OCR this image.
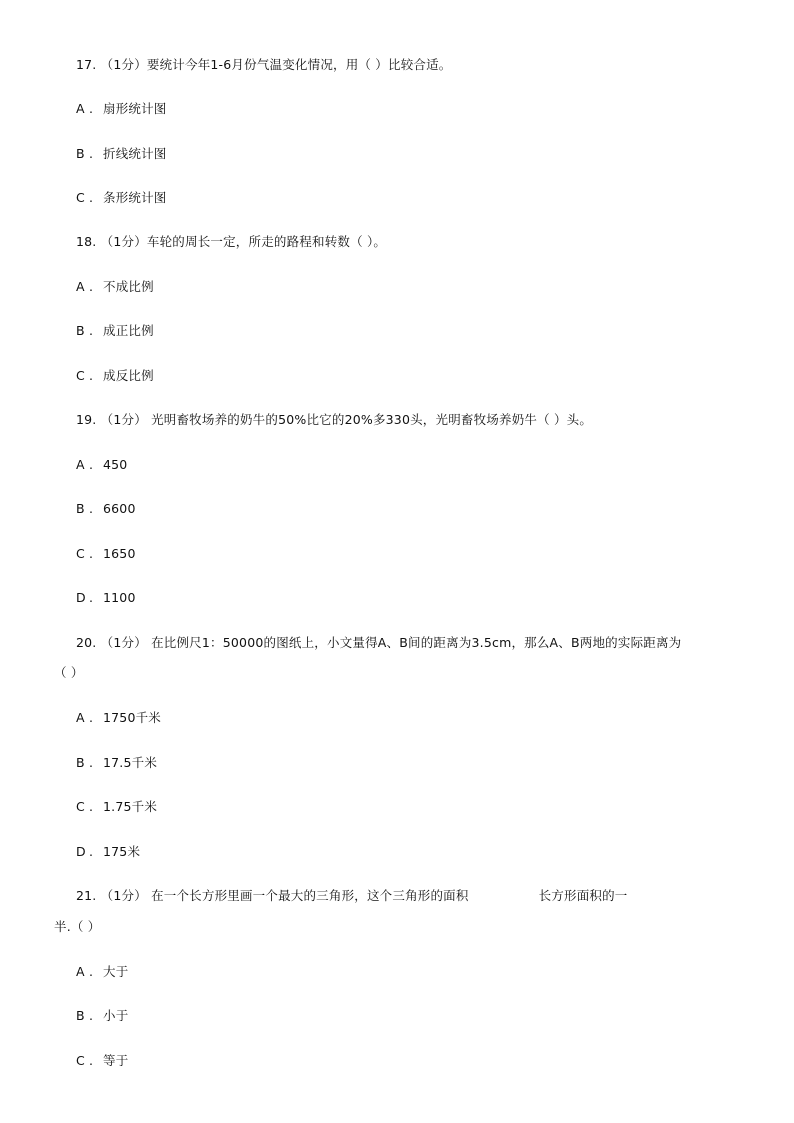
17. （1分）要统计今年1-6月份气温变化情况，用（ ）比较合适。
A . 扇形统计图
B . 折线统计图
C . 条形统计图
18. （1分）车轮的周长一定，所走的路程和转数（ ）。
A . 不成比例
B . 成正比例
C . 成反比例
19. （1分） 光明畜牧场养的奶牛的50%比它的20%多330头，光明畜牧场养奶牛（ ）头。
A . 450
B . 6600
C . 1650
D . 1100
20. （1分） 在比例尺1：50000的图纸上，小文量得A、B间的距离为3.5cm，那么A、B两地的实际距离为
（ ）
A . 1750千米
B . 17.5千米
C . 1.75千米
D . 175米
21. （1分） 在一个长方形里画一个最大的三角形，这个三角形的面积	长方形面积的一
半.（ ）
A . 大于
B . 小于
C . 等于
